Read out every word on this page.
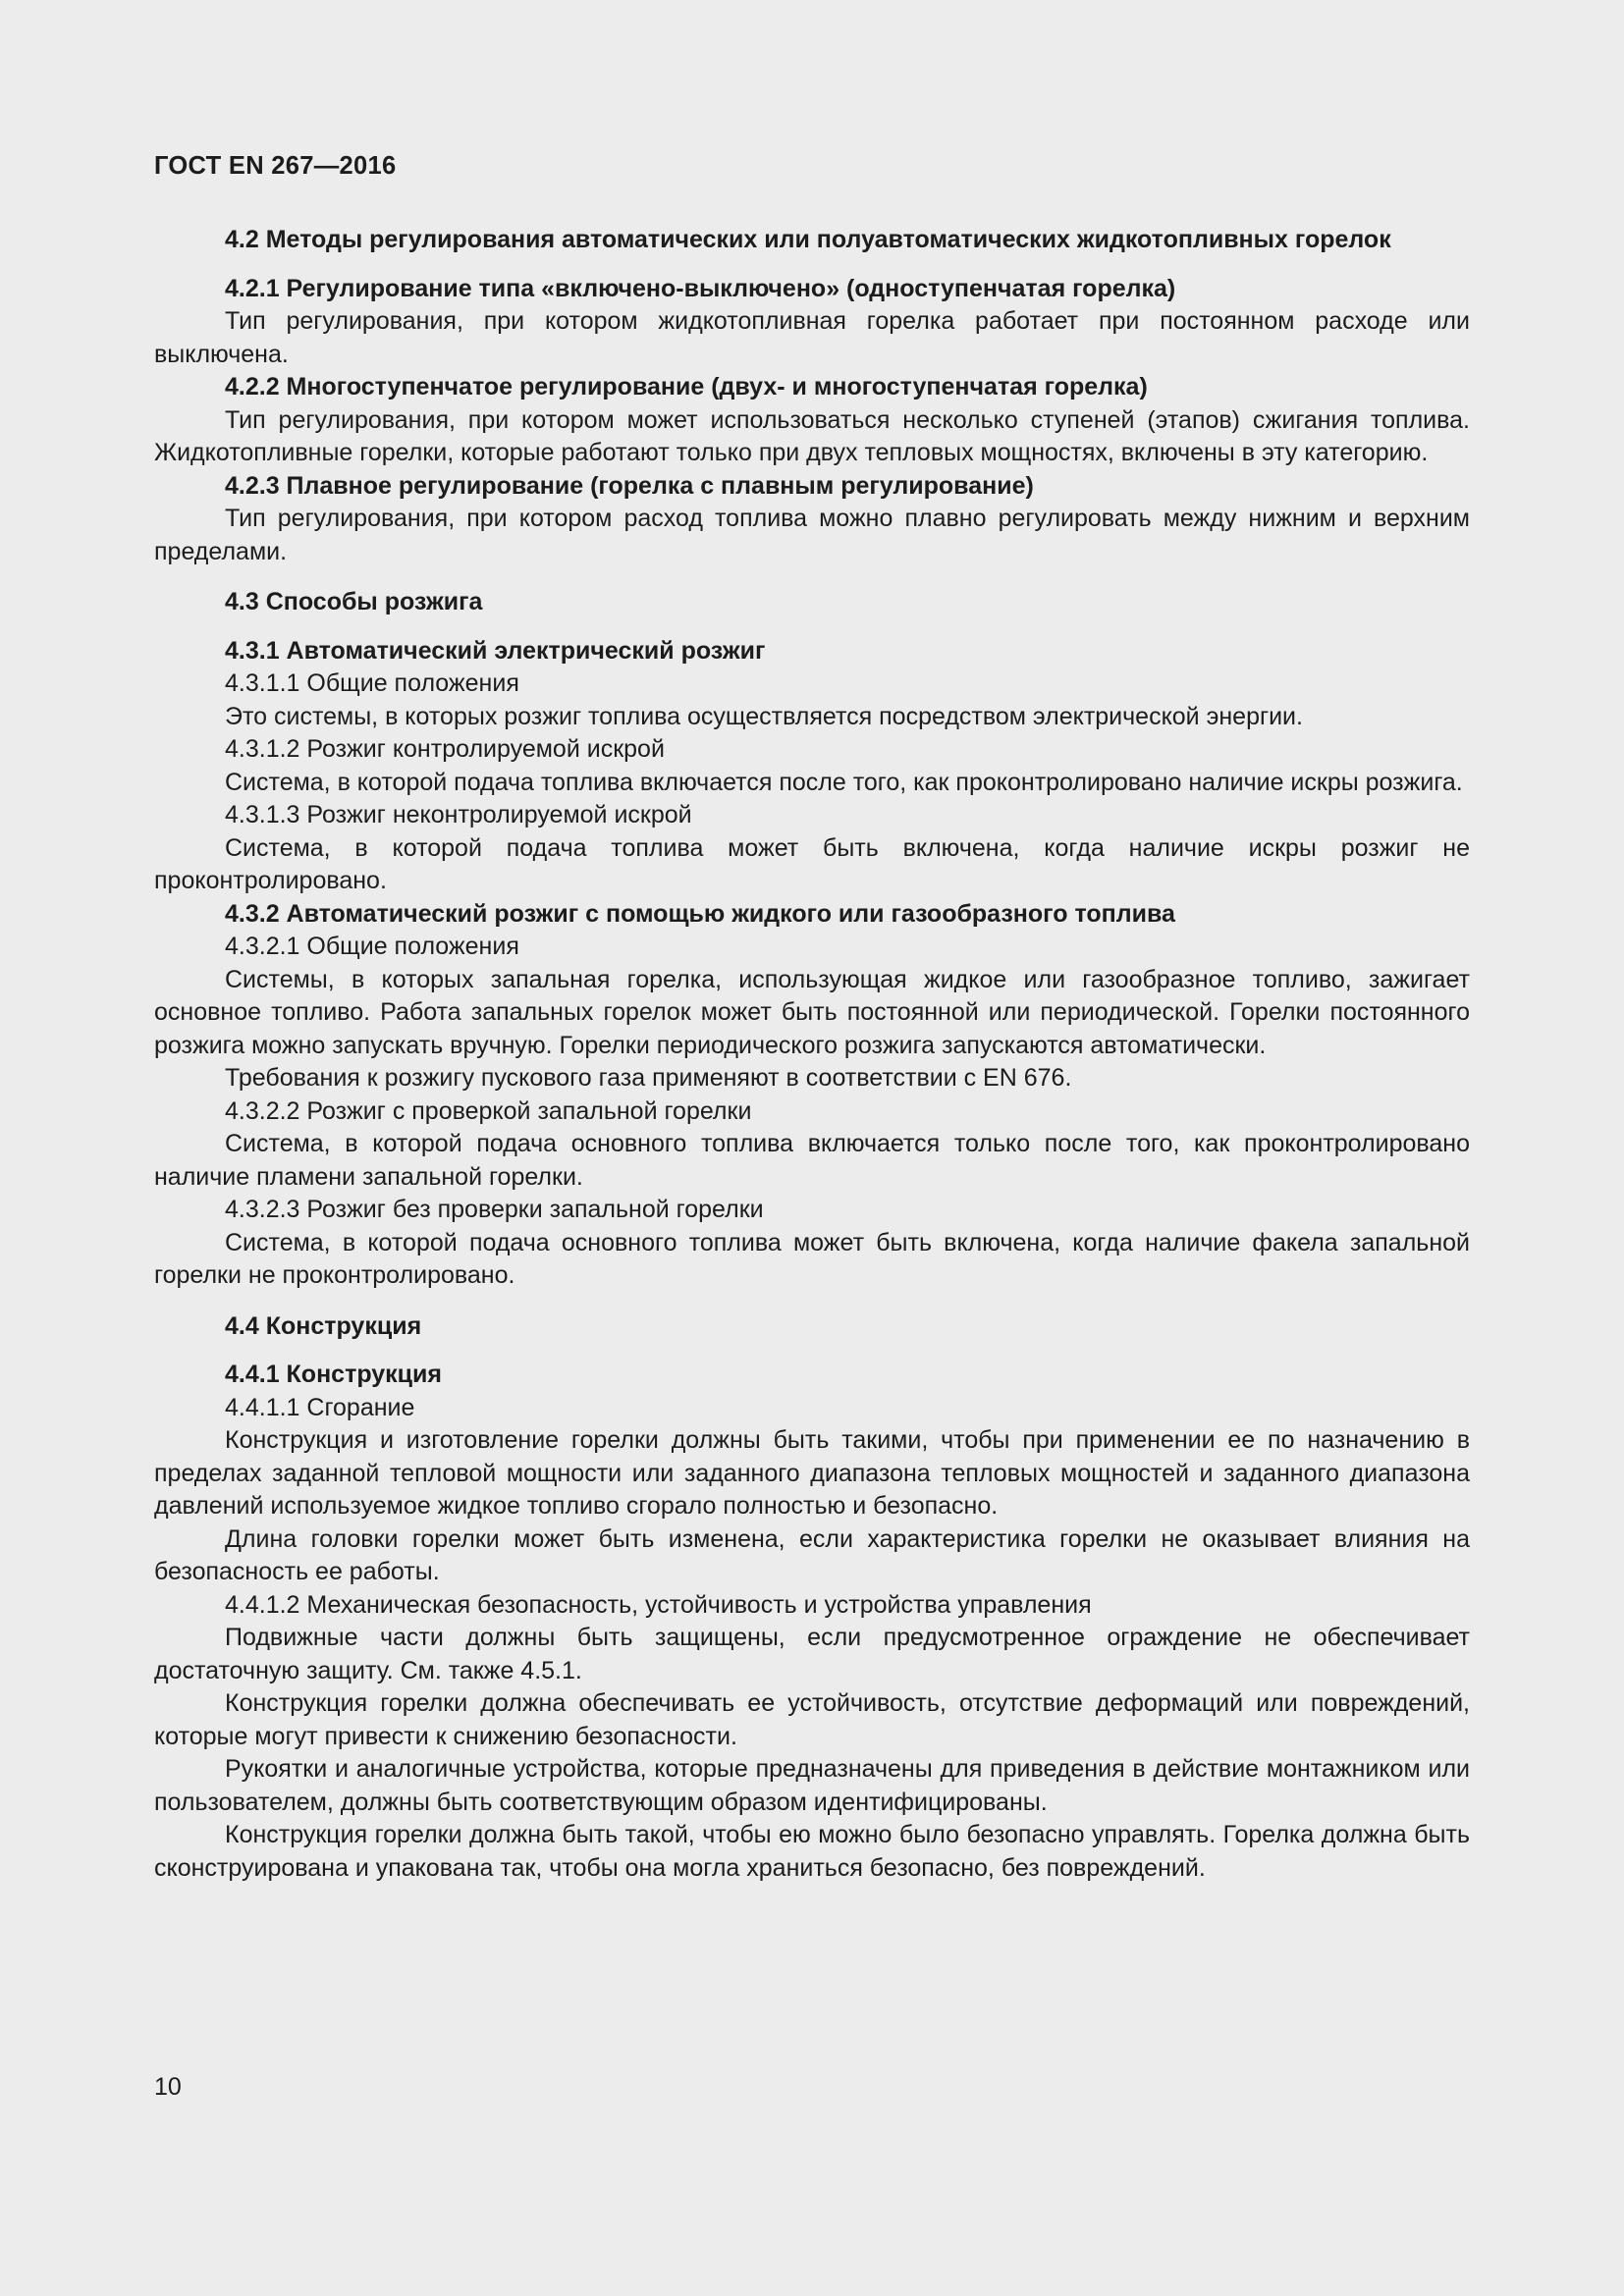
ГОСТ EN 267—2016

4.2 Методы регулирования автоматических или полуавтоматических жидкотопливных горелок

4.2.1 Регулирование типа «включено-выключено» (одноступенчатая горелка)

Тип регулирования, при котором жидкотопливная горелка работает при постоянном расходе или выключена.

4.2.2 Многоступенчатое регулирование (двух- и многоступенчатая горелка)

Тип регулирования, при котором может использоваться несколько ступеней (этапов) сжигания топлива. Жидкотопливные горелки, которые работают только при двух тепловых мощностях, включены в эту категорию.

4.2.3 Плавное регулирование (горелка с плавным регулирование)

Тип регулирования, при котором расход топлива можно плавно регулировать между нижним и верхним пределами.

4.3 Способы розжига

4.3.1 Автоматический электрический розжиг

4.3.1.1 Общие положения

Это системы, в которых розжиг топлива осуществляется посредством электрической энергии.

4.3.1.2 Розжиг контролируемой искрой

Система, в которой подача топлива включается после того, как проконтролировано наличие искры розжига.

4.3.1.3 Розжиг неконтролируемой искрой

Система, в которой подача топлива может быть включена, когда наличие искры розжиг не проконтролировано.

4.3.2 Автоматический розжиг с помощью жидкого или газообразного топлива

4.3.2.1 Общие положения

Системы, в которых запальная горелка, использующая жидкое или газообразное топливо, зажигает основное топливо. Работа запальных горелок может быть постоянной или периодической. Горелки постоянного розжига можно запускать вручную. Горелки периодического розжига запускаются автоматически.

Требования к розжигу пускового газа применяют в соответствии с EN 676.

4.3.2.2 Розжиг с проверкой запальной горелки

Система, в которой подача основного топлива включается только после того, как проконтролировано наличие пламени запальной горелки.

4.3.2.3 Розжиг без проверки запальной горелки

Система, в которой подача основного топлива может быть включена, когда наличие факела запальной горелки не проконтролировано.

4.4 Конструкция

4.4.1 Конструкция

4.4.1.1 Сгорание

Конструкция и изготовление горелки должны быть такими, чтобы при применении ее по назначению в пределах заданной тепловой мощности или заданного диапазона тепловых мощностей и заданного диапазона давлений используемое жидкое топливо сгорало полностью и безопасно.

Длина головки горелки может быть изменена, если характеристика горелки не оказывает влияния на безопасность ее работы.

4.4.1.2 Механическая безопасность, устойчивость и устройства управления

Подвижные части должны быть защищены, если предусмотренное ограждение не обеспечивает достаточную защиту. См. также 4.5.1.

Конструкция горелки должна обеспечивать ее устойчивость, отсутствие деформаций или повреждений, которые могут привести к снижению безопасности.

Рукоятки и аналогичные устройства, которые предназначены для приведения в действие монтажником или пользователем, должны быть соответствующим образом идентифицированы.

Конструкция горелки должна быть такой, чтобы ею можно было безопасно управлять. Горелка должна быть сконструирована и упакована так, чтобы она могла храниться безопасно, без повреждений.

10
